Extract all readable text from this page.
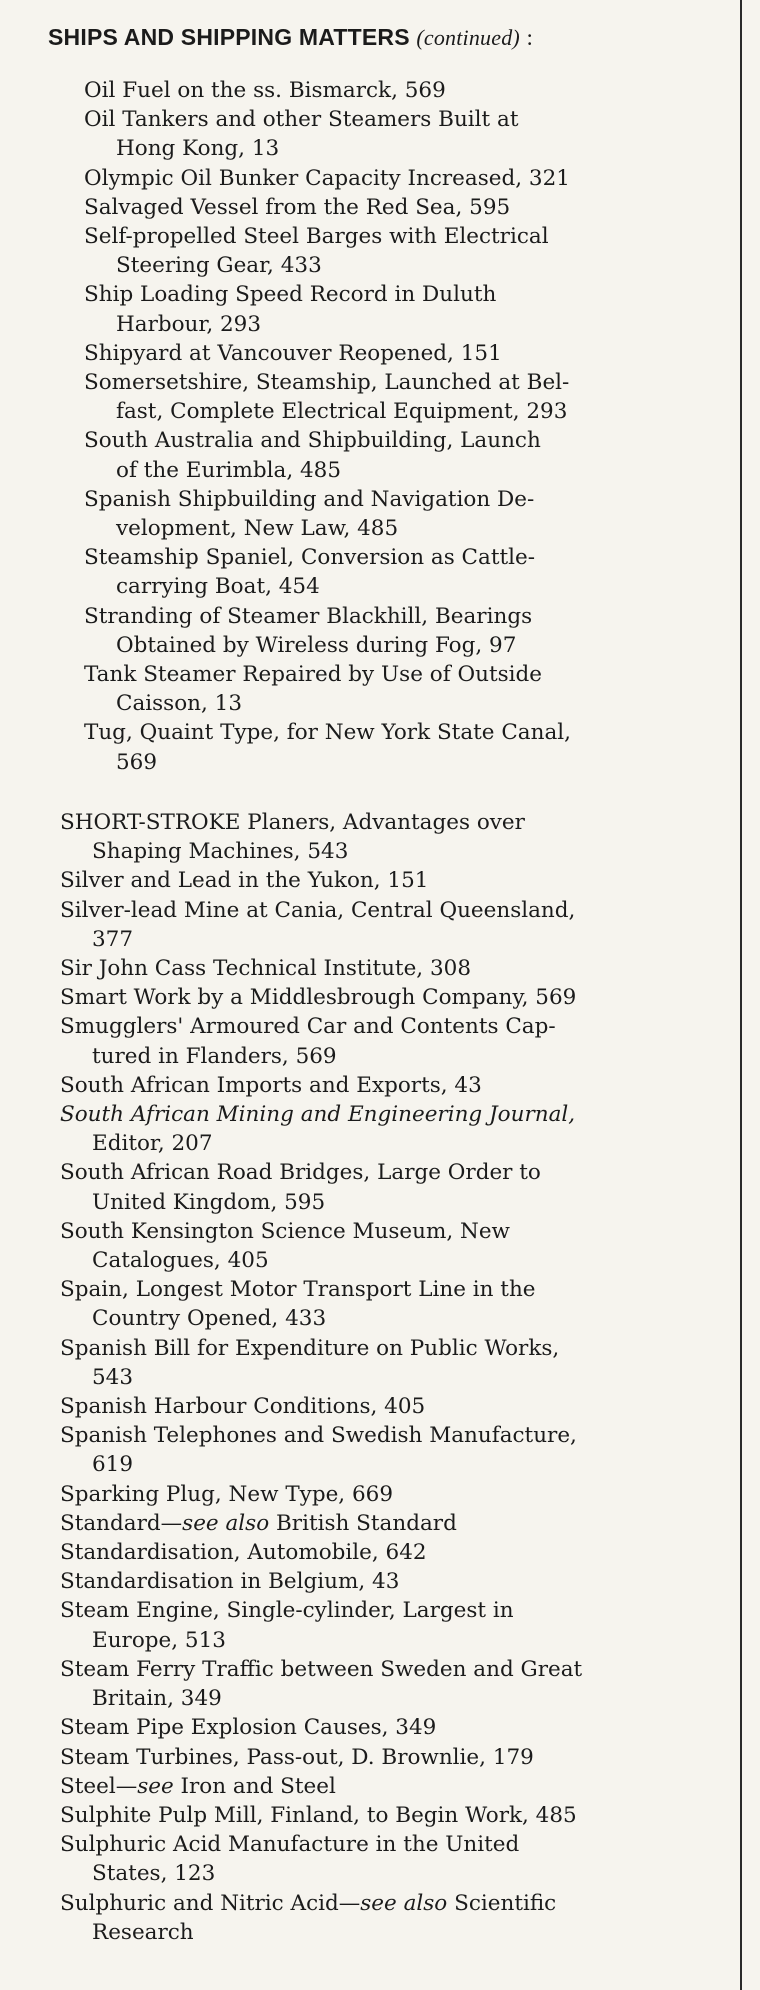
SHIPS AND SHIPPING MATTERS (continued) :
Oil Fuel on the ss. Bismarck, 569
Oil Tankers and other Steamers Built at
Hong Kong, 13
Olympic Oil Bunker Capacity Increased, 321
Salvaged Vessel from the Red Sea, 595
Self-propelled Steel Barges with Electrical
Steering Gear, 433
Ship Loading Speed Record in Duluth
Harbour, 293
Shipyard at Vancouver Reopened, 151
Somersetshire, Steamship, Launched at Bel-
fast, Complete Electrical Equipment, 293
South Australia and Shipbuilding, Launch
of the Eurimbla, 485
Spanish Shipbuilding and Navigation De-
velopment, New Law, 485
Steamship Spaniel, Conversion as Cattle-
carrying Boat, 454
Stranding of Steamer Blackhill, Bearings
Obtained by Wireless during Fog, 97
Tank Steamer Repaired by Use of Outside
Caisson, 13
Tug, Quaint Type, for New York State Canal,
569
SHORT-STROKE Planers, Advantages over
Shaping Machines, 543
Silver and Lead in the Yukon, 151
Silver-lead Mine at Cania, Central Queensland,
377
Sir John Cass Technical Institute, 308
Smart Work by a Middlesbrough Company, 569
Smugglers' Armoured Car and Contents Cap-
tured in Flanders, 569
South African Imports and Exports, 43
South African Mining and Engineering Journal,
Editor, 207
South African Road Bridges, Large Order to
United Kingdom, 595
South Kensington Science Museum, New
Catalogues, 405
Spain, Longest Motor Transport Line in the
Country Opened, 433
Spanish Bill for Expenditure on Public Works,
543
Spanish Harbour Conditions, 405
Spanish Telephones and Swedish Manufacture,
619
Sparking Plug, New Type, 669
Standard—see also British Standard
Standardisation, Automobile, 642
Standardisation in Belgium, 43
Steam Engine, Single-cylinder, Largest in
Europe, 513
Steam Ferry Traffic between Sweden and Great
Britain, 349
Steam Pipe Explosion Causes, 349
Steam Turbines, Pass-out, D. Brownlie, 179
Steel—see Iron and Steel
Sulphite Pulp Mill, Finland, to Begin Work, 485
Sulphuric Acid Manufacture in the United
States, 123
Sulphuric and Nitric Acid—see also Scientific
Research
